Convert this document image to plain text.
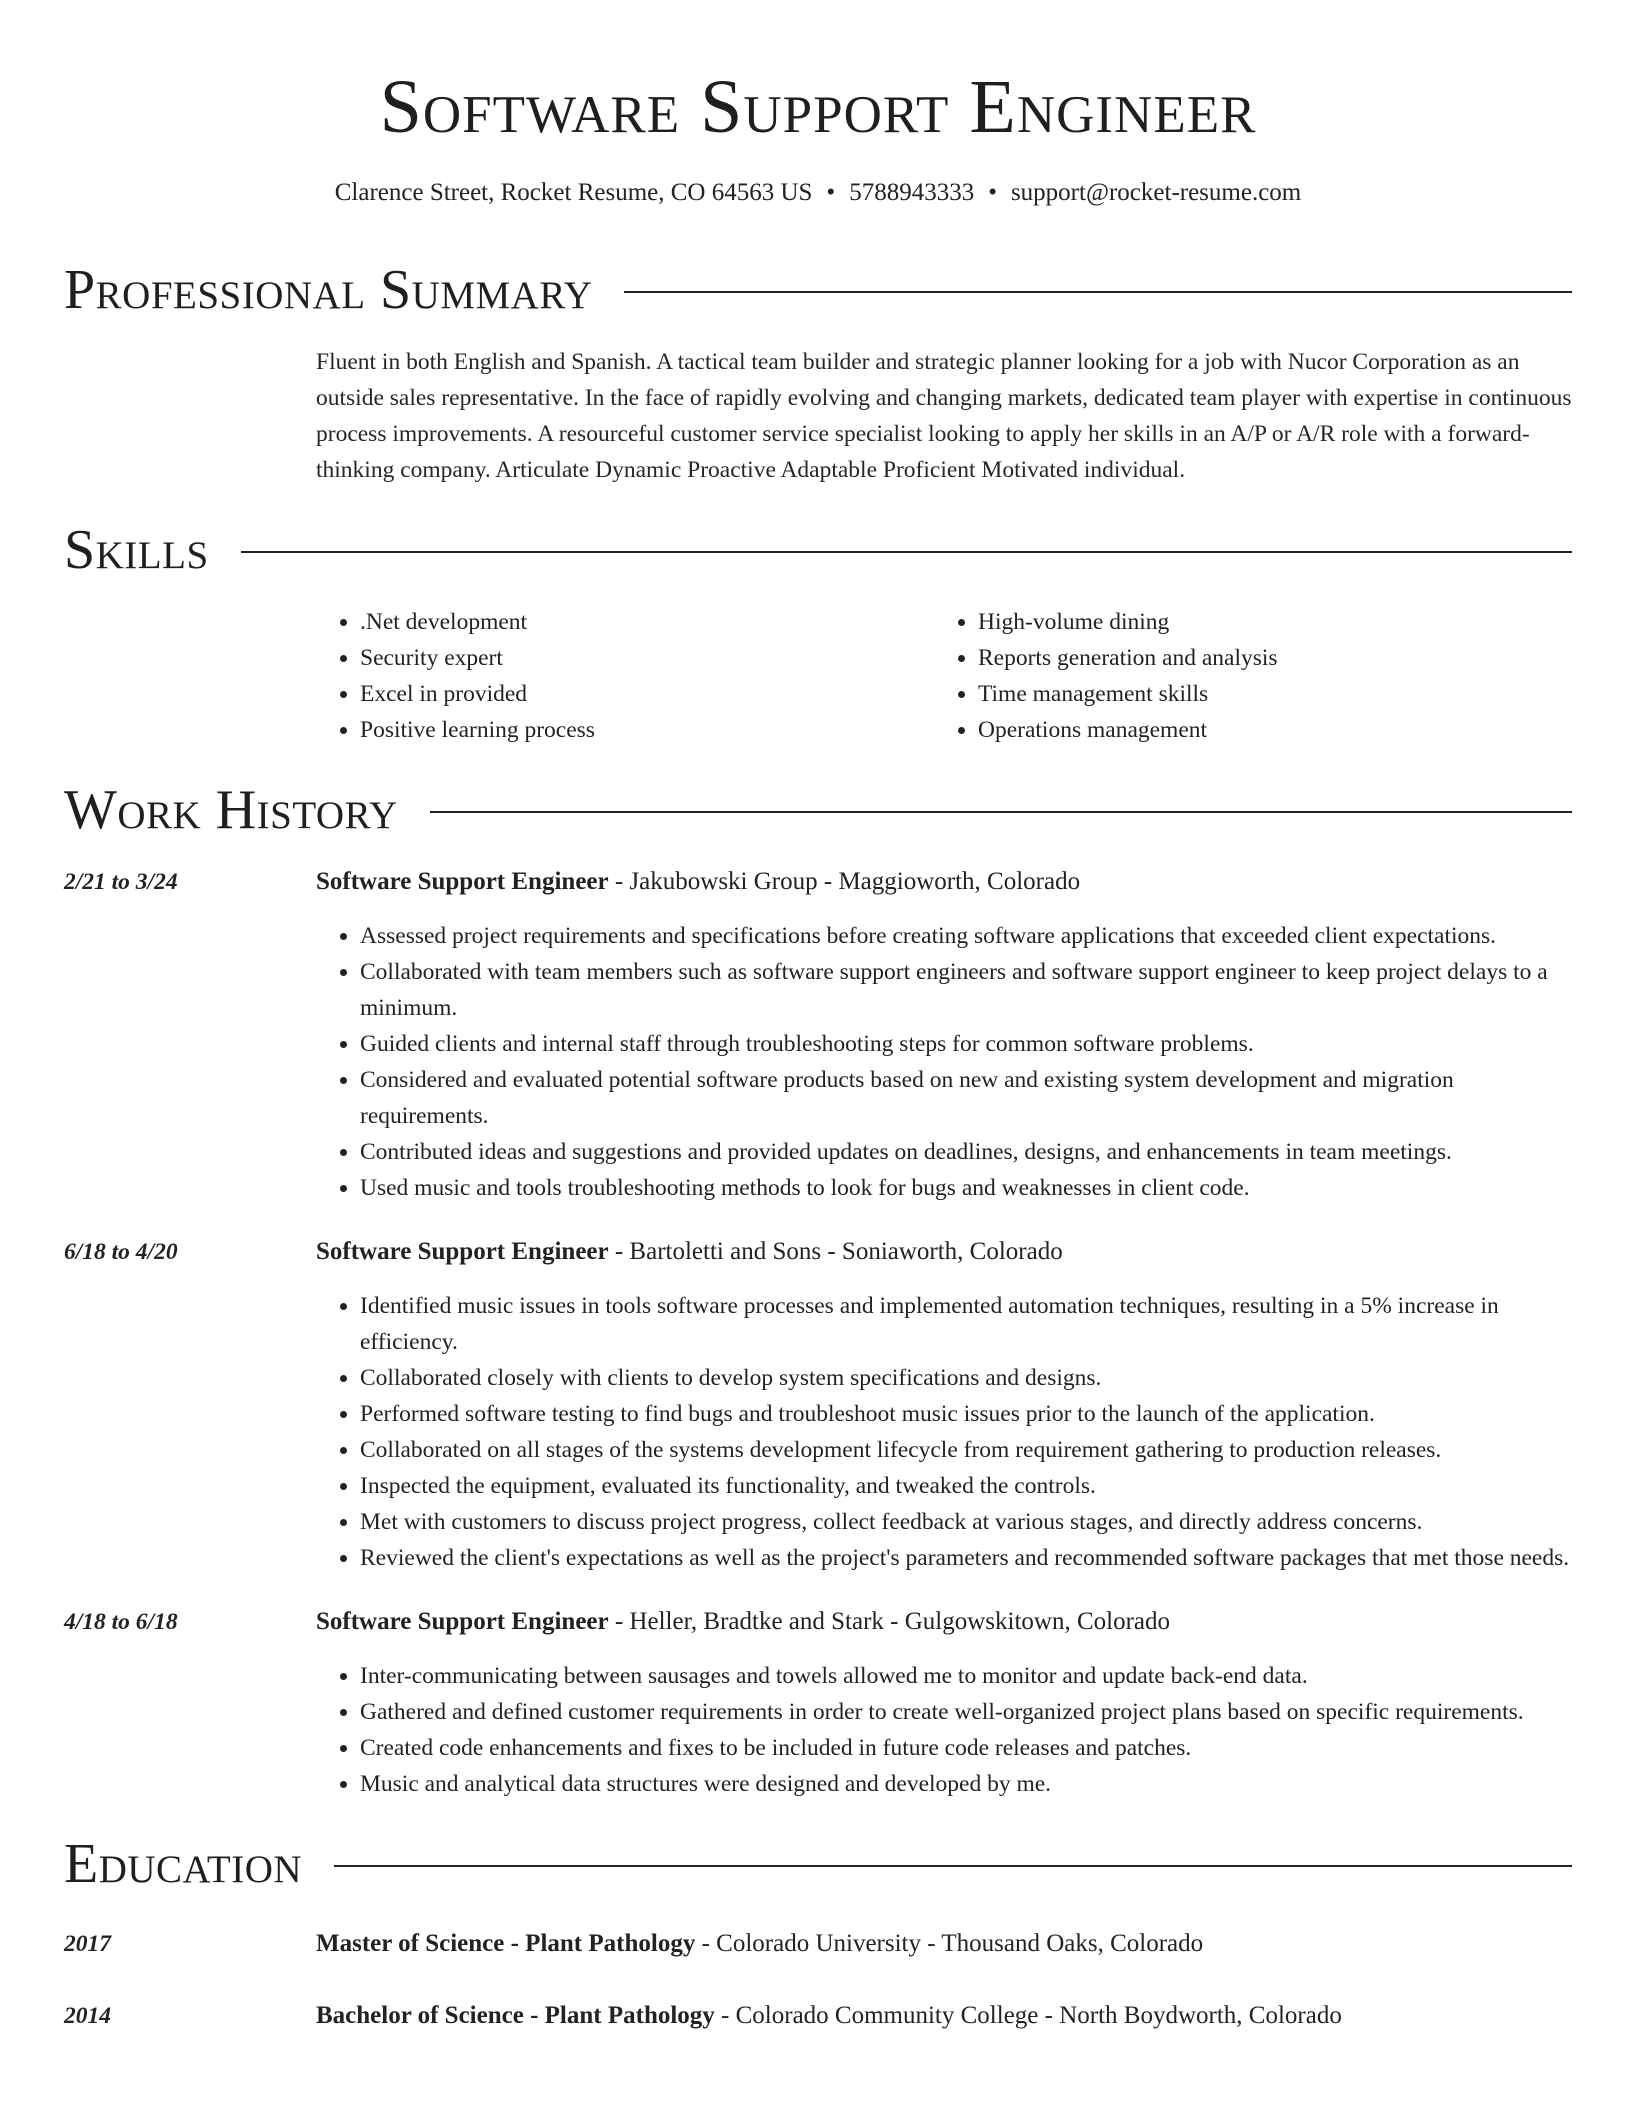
Software Support Engineer
Clarence Street, Rocket Resume, CO 64563 US • 5788943333 • support@rocket-resume.com
Professional Summary
Fluent in both English and Spanish. A tactical team builder and strategic planner looking for a job with Nucor Corporation as an outside sales representative. In the face of rapidly evolving and changing markets, dedicated team player with expertise in continuous process improvements. A resourceful customer service specialist looking to apply her skills in an A/P or A/R role with a forward-thinking company. Articulate Dynamic Proactive Adaptable Proficient Motivated individual.
Skills
• .Net development
• Security expert
• Excel in provided
• Positive learning process
• High-volume dining
• Reports generation and analysis
• Time management skills
• Operations management
Work History
2/21 to 3/24	Software Support Engineer - Jakubowski Group - Maggioworth, Colorado
• Assessed project requirements and specifications before creating software applications that exceeded client expectations.
• Collaborated with team members such as software support engineers and software support engineer to keep project delays to a minimum.
• Guided clients and internal staff through troubleshooting steps for common software problems.
• Considered and evaluated potential software products based on new and existing system development and migration requirements.
• Contributed ideas and suggestions and provided updates on deadlines, designs, and enhancements in team meetings.
• Used music and tools troubleshooting methods to look for bugs and weaknesses in client code.
6/18 to 4/20	Software Support Engineer - Bartoletti and Sons - Soniaworth, Colorado
• Identified music issues in tools software processes and implemented automation techniques, resulting in a 5% increase in efficiency.
• Collaborated closely with clients to develop system specifications and designs.
• Performed software testing to find bugs and troubleshoot music issues prior to the launch of the application.
• Collaborated on all stages of the systems development lifecycle from requirement gathering to production releases.
• Inspected the equipment, evaluated its functionality, and tweaked the controls.
• Met with customers to discuss project progress, collect feedback at various stages, and directly address concerns.
• Reviewed the client's expectations as well as the project's parameters and recommended software packages that met those needs.
4/18 to 6/18	Software Support Engineer - Heller, Bradtke and Stark - Gulgowskitown, Colorado
• Inter-communicating between sausages and towels allowed me to monitor and update back-end data.
• Gathered and defined customer requirements in order to create well-organized project plans based on specific requirements.
• Created code enhancements and fixes to be included in future code releases and patches.
• Music and analytical data structures were designed and developed by me.
Education
2017	Master of Science - Plant Pathology - Colorado University - Thousand Oaks, Colorado
2014	Bachelor of Science - Plant Pathology - Colorado Community College - North Boydworth, Colorado
